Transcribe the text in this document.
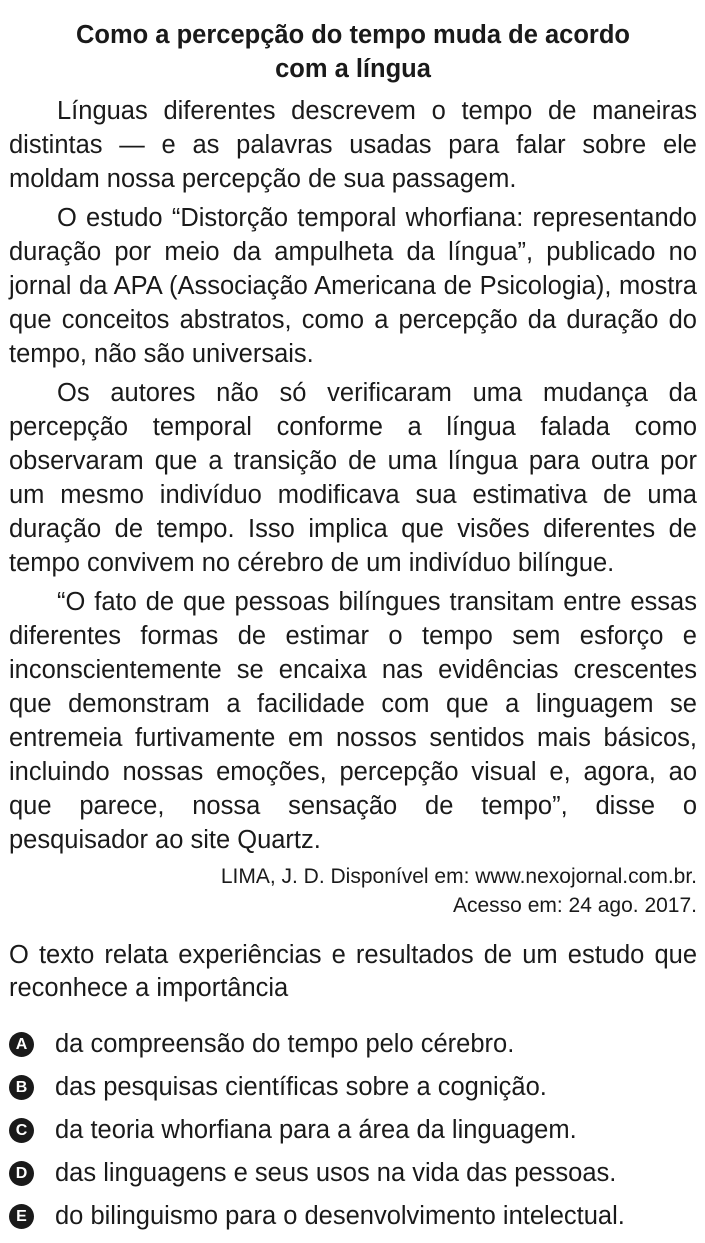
Como a percepção do tempo muda de acordo com a língua

Línguas diferentes descrevem o tempo de maneiras distintas — e as palavras usadas para falar sobre ele moldam nossa percepção de sua passagem.

O estudo “Distorção temporal whorfiana: representando duração por meio da ampulheta da língua”, publicado no jornal da APA (Associação Americana de Psicologia), mostra que conceitos abstratos, como a percepção da duração do tempo, não são universais.

Os autores não só verificaram uma mudança da percepção temporal conforme a língua falada como observaram que a transição de uma língua para outra por um mesmo indivíduo modificava sua estimativa de uma duração de tempo. Isso implica que visões diferentes de tempo convivem no cérebro de um indivíduo bilíngue.

“O fato de que pessoas bilíngues transitam entre essas diferentes formas de estimar o tempo sem esforço e inconscientemente se encaixa nas evidências crescentes que demonstram a facilidade com que a linguagem se entremeia furtivamente em nossos sentidos mais básicos, incluindo nossas emoções, percepção visual e, agora, ao que parece, nossa sensação de tempo”, disse o pesquisador ao site Quartz.

LIMA, J. D. Disponível em: www.nexojornal.com.br.
Acesso em: 24 ago. 2017.
O texto relata experiências e resultados de um estudo que reconhece a importância
A da compreensão do tempo pelo cérebro.
B das pesquisas científicas sobre a cognição.
C da teoria whorfiana para a área da linguagem.
D das linguagens e seus usos na vida das pessoas.
E do bilinguismo para o desenvolvimento intelectual.
